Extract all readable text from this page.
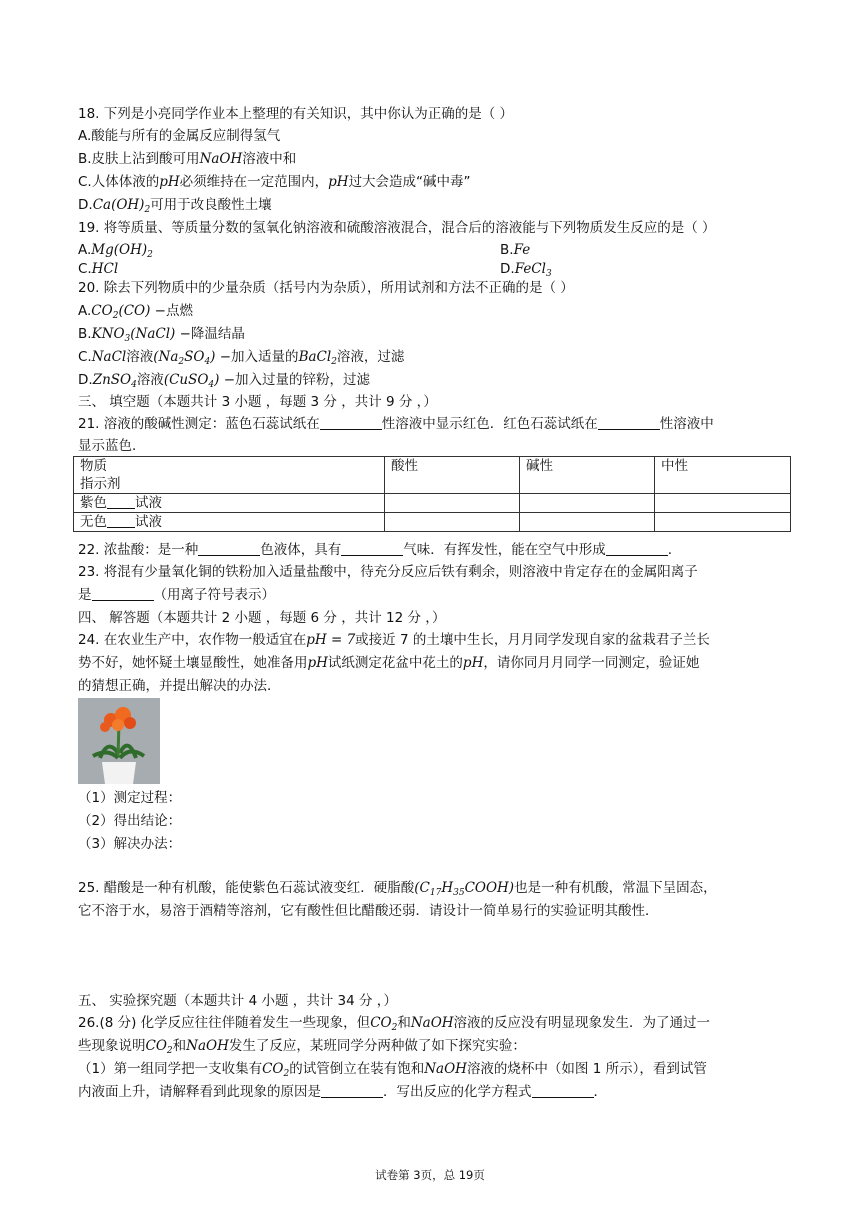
18. 下列是小亮同学作业本上整理的有关知识，其中你认为正确的是（ ）
A.酸能与所有的金属反应制得氢气
B.皮肤上沾到酸可用NaOH溶液中和
C.人体体液的pH必须维持在一定范围内，pH过大会造成“碱中毒”
$D.Ca(OH)_2$可用于改良酸性土壤
19. 将等质量、等质量分数的氢氧化钠溶液和硫酸溶液混合，混合后的溶液能与下列物质发生反应的是（ ）
$A.Mg(OH)_2$	B.Fe
C.HCl	D.FeCl$_3$
20. 除去下列物质中的少量杂质（括号内为杂质），所用试剂和方法不正确的是（ ）
$A.CO_2(CO)$ −点燃
$B.KNO_3(NaCl)$ −降温结晶
C.NaCl溶液$(Na_2SO_4)$ −加入适量的BaCl$_2$溶液，过滤
D.ZnSO$_4$溶液(CuSO$_4$) −加入过量的锌粉，过滤
三、 填空题（本题共计 3 小题 ，每题 3 分 ，共计 9 分 ，）
21. 溶液的酸碱性测定：蓝色石蕊试纸在	性溶液中显示红色．红色石蕊试纸在	性溶液中
显示蓝色．
物质
指示剂	酸性	碱性	中性
紫色 试液			
无色 试液			
22. 浓盐酸：是一种	色液体，具有	气味．有挥发性，能在空气中形成	.
23. 将混有少量氧化铜的铁粉加入适量盐酸中，待充分反应后铁有剩余，则溶液中肯定存在的金属阳离子
是	（用离子符号表示）
四、 解答题（本题共计 2 小题 ，每题 6 分 ，共计 12 分 ，）
24. 在农业生产中，农作物一般适宜在pH = 7或接近 7 的土壤中生长，月月同学发现自家的盆栽君子兰长
势不好，她怀疑土壤显酸性，她准备用pH试纸测定花盆中花土的pH，请你同月月同学一同测定，验证她
的猜想正确，并提出解决的办法．
（1）测定过程：
（2）得出结论：
（3）解决办法：
25. 醋酸是一种有机酸，能使紫色石蕊试液变红．硬脂酸$(C_{17}H_{35}COOH)$也是一种有机酸，常温下呈固态，
它不溶于水，易溶于酒精等溶剂，它有酸性但比醋酸还弱．请设计一简单易行的实验证明其酸性．
五、 实验探究题（本题共计 4 小题 ，共计 34 分 ，）
26.(8 分) 化学反应往往伴随着发生一些现象，但$CO_2$和NaOH溶液的反应没有明显现象发生．为了通过一
些现象说明$CO_2$和NaOH发生了反应，某班同学分两种做了如下探究实验：
（1）第一组同学把一支收集有$CO_2$的试管倒立在装有饱和NaOH溶液的烧杯中（如图 1 所示），看到试管
内液面上升，请解释看到此现象的原因是	．写出反应的化学方程式	．
试卷第 3页，总 19页
